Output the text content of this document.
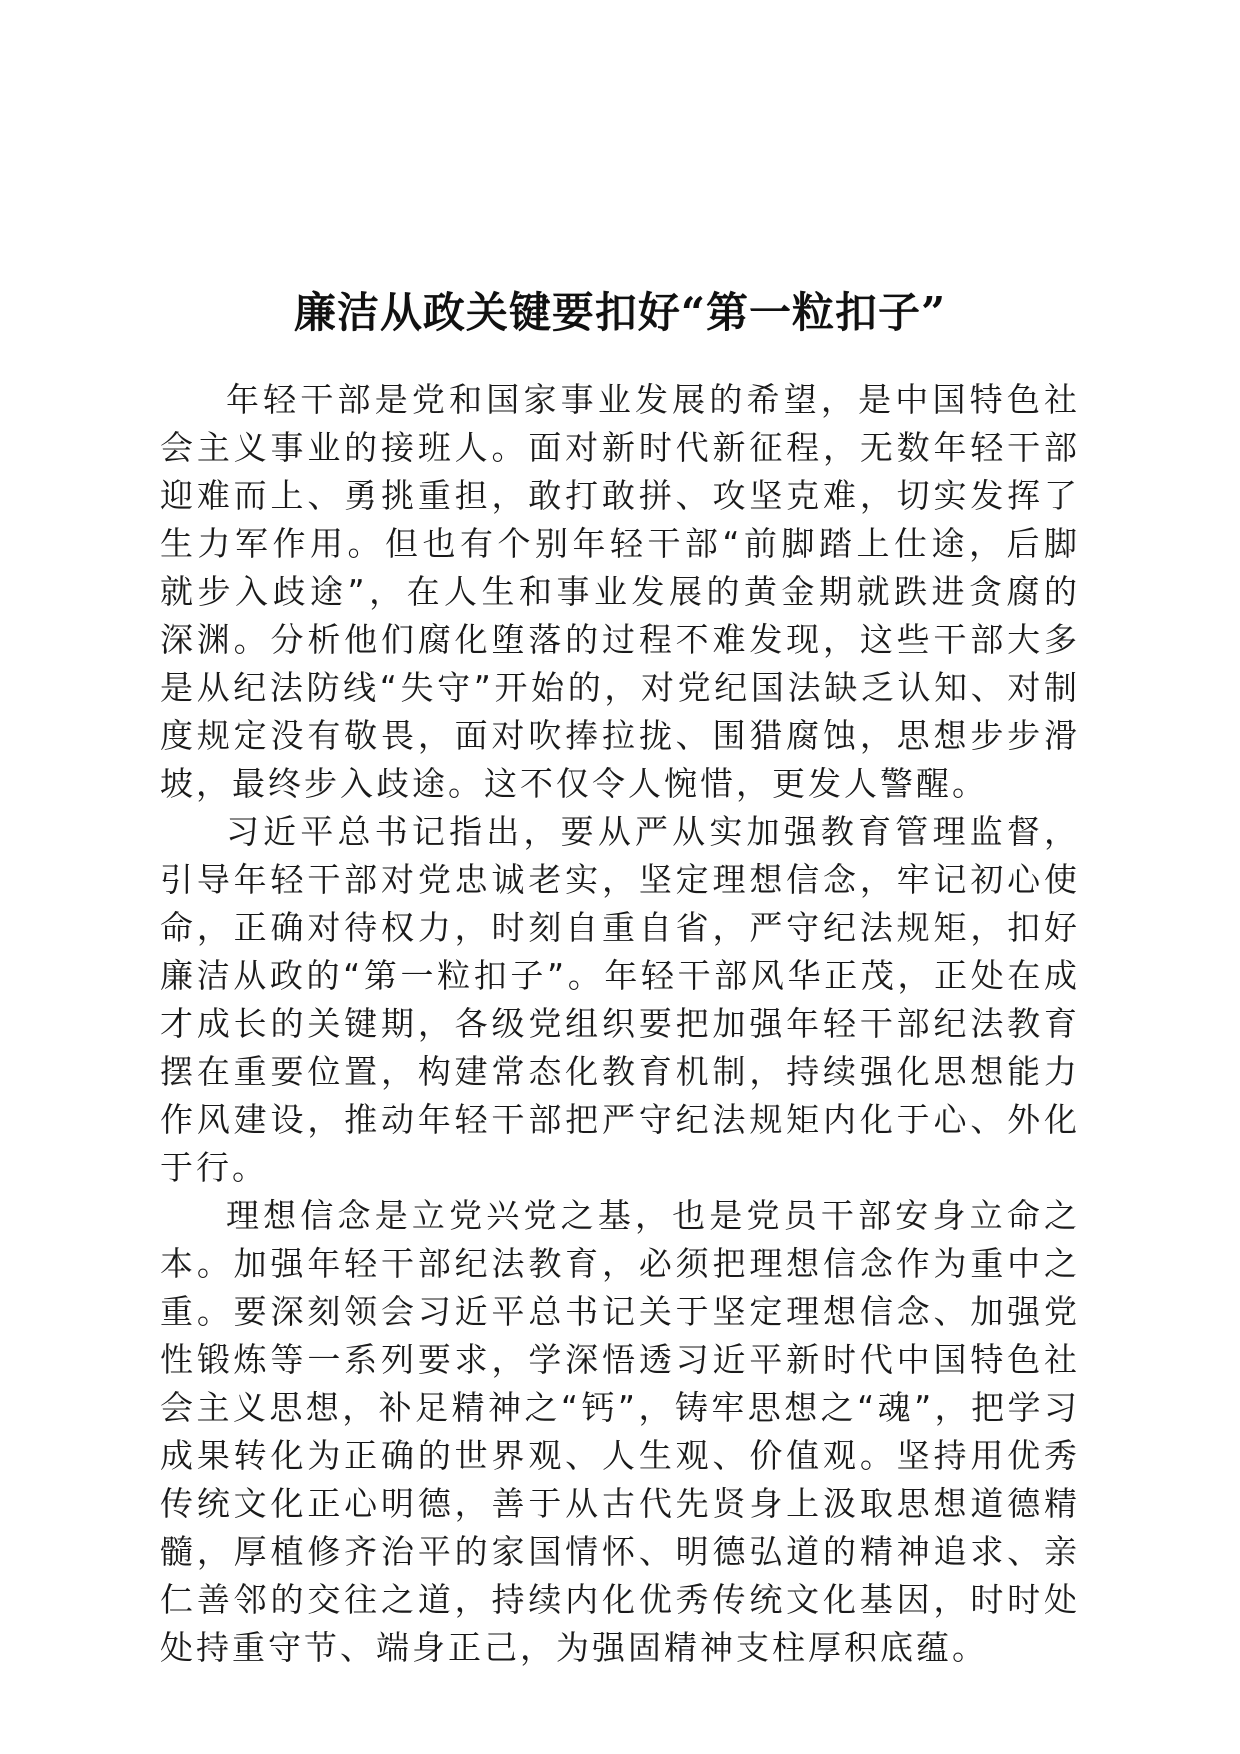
廉洁从政关键要扣好“第一粒扣子”

年轻干部是党和国家事业发展的希望，是中国特色社会主义事业的接班人。面对新时代新征程，无数年轻干部迎难而上、勇挑重担，敢打敢拼、攻坚克难，切实发挥了生力军作用。但也有个别年轻干部“前脚踏上仕途，后脚就步入歧途”，在人生和事业发展的黄金期就跌进贪腐的深渊。分析他们腐化堕落的过程不难发现，这些干部大多是从纪法防线“失守”开始的，对党纪国法缺乏认知、对制度规定没有敬畏，面对吹捧拉拢、围猎腐蚀，思想步步滑坡，最终步入歧途。这不仅令人惋惜，更发人警醒。

习近平总书记指出，要从严从实加强教育管理监督，引导年轻干部对党忠诚老实，坚定理想信念，牢记初心使命，正确对待权力，时刻自重自省，严守纪法规矩，扣好廉洁从政的“第一粒扣子”。年轻干部风华正茂，正处在成才成长的关键期，各级党组织要把加强年轻干部纪法教育摆在重要位置，构建常态化教育机制，持续强化思想能力作风建设，推动年轻干部把严守纪法规矩内化于心、外化于行。

理想信念是立党兴党之基，也是党员干部安身立命之本。加强年轻干部纪法教育，必须把理想信念作为重中之重。要深刻领会习近平总书记关于坚定理想信念、加强党性锻炼等一系列要求，学深悟透习近平新时代中国特色社会主义思想，补足精神之“钙”，铸牢思想之“魂”，把学习成果转化为正确的世界观、人生观、价值观。坚持用优秀传统文化正心明德，善于从古代先贤身上汲取思想道德精髓，厚植修齐治平的家国情怀、明德弘道的精神追求、亲仁善邻的交往之道，持续内化优秀传统文化基因，时时处处持重守节、端身正己，为强固精神支柱厚积底蕴。
